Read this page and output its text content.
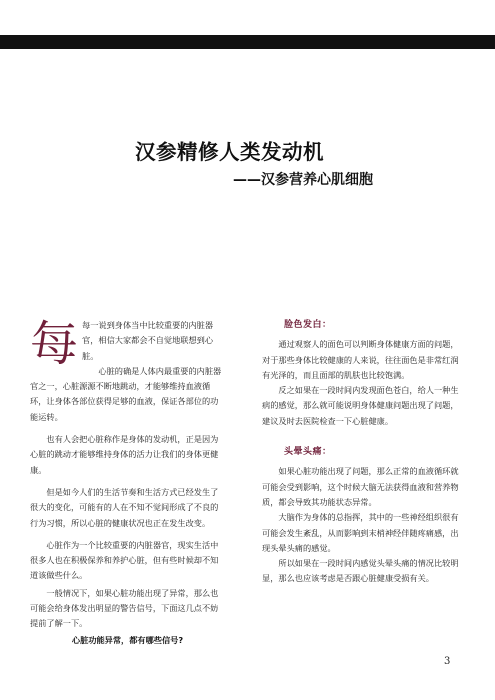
汉参精修人类发动机
——汉参营养心肌细胞
每 每一说到身体当中比较重要的内脏器官，相信大家都会不自觉地联想到心脏。

心脏的确是人体内最重要的内脏器官之一，心脏源源不断地跳动，才能够维持血液循环，让身体各部位获得足够的血液，保证各部位的功能运转。

也有人会把心脏称作是身体的发动机，正是因为心脏的跳动才能够维持身体的活力让我们的身体更健康。

但是如今人们的生活节奏和生活方式已经发生了很大的变化，可能有的人在不知不觉间形成了不良的行为习惯，所以心脏的健康状况也正在发生改变。

心脏作为一个比较重要的内脏器官，现实生活中很多人也在积极保养和养护心脏，但有些时候却不知道该做些什么。

一般情况下，如果心脏功能出现了异常，那么也可能会给身体发出明显的警告信号，下面这几点不妨提前了解一下。

心脏功能异常，都有哪些信号?
脸色发白：

通过观察人的面色可以判断身体健康方面的问题，对于那些身体比较健康的人来说，往往面色是非常红润有光泽的，而且面部的肌肤也比较饱满。

反之如果在一段时间内发现面色苍白，给人一种生病的感觉，那么就可能说明身体健康问题出现了问题，建议及时去医院检查一下心脏健康。

头晕头痛：

如果心脏功能出现了问题，那么正常的血液循环就可能会受到影响，这个时候大脑无法获得血液和营养物质，都会导致其功能状态异常。

大脑作为身体的总指挥，其中的一些神经组织很有可能会发生紊乱，从而影响到末梢神经伴随疼痛感，出现头晕头痛的感觉。

所以如果在一段时间内感觉头晕头痛的情况比较明显，那么也应该考虑是否跟心脏健康受损有关。

3
